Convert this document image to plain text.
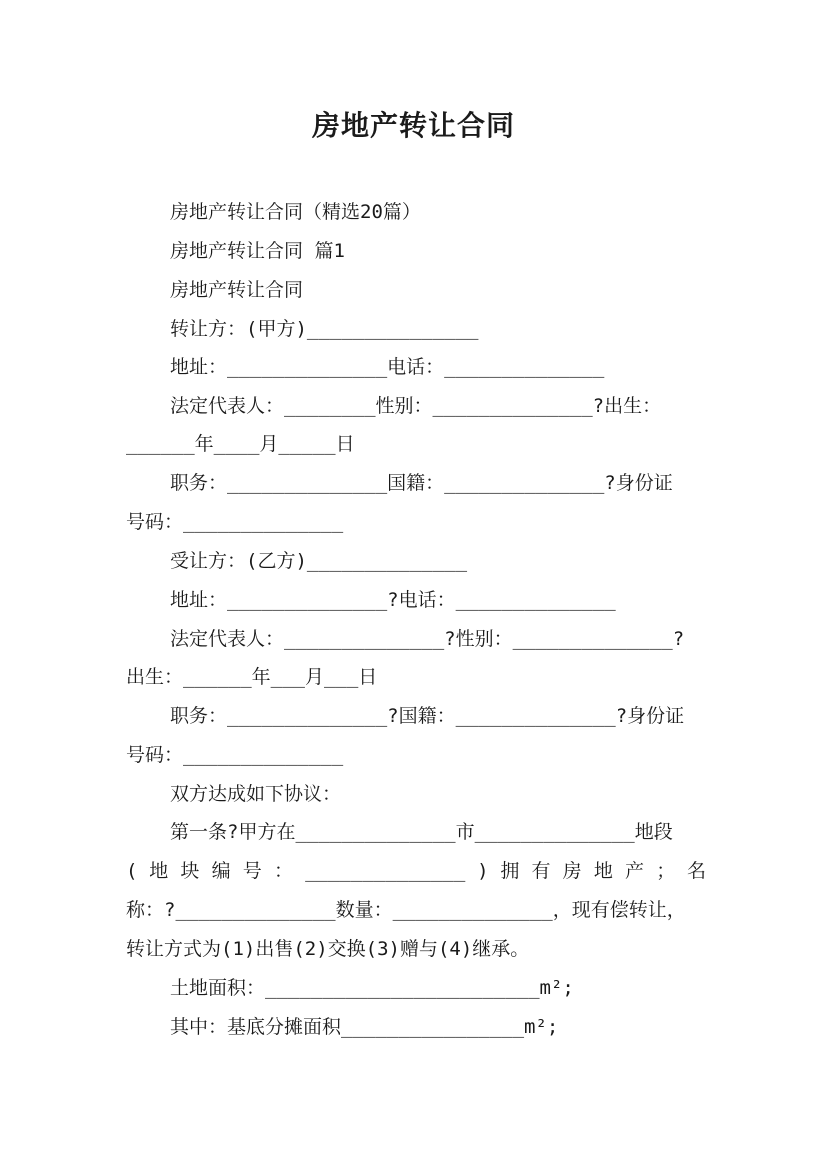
房地产转让合同
房地产转让合同（精选20篇）
房地产转让合同 篇1
房地产转让合同
转让方：(甲方)_______________
地址：______________电话：______________
法定代表人：________性别：______________?出生：
______年____月_____日
职务：______________国籍：______________?身份证
号码：______________
受让方：(乙方)______________
地址：______________?电话：______________
法定代表人：______________?性别：______________?
出生：______年___月___日
职务：______________?国籍：______________?身份证
号码：______________
双方达成如下协议：
第一条?甲方在______________市______________地段
( 地 块 编 号 ： ______________ ) 拥 有 房 地 产 ； 名
称：?______________数量：______________，现有偿转让，
转让方式为(1)出售(2)交换(3)赠与(4)继承。
土地面积：________________________m²;
其中：基底分摊面积________________m²;
